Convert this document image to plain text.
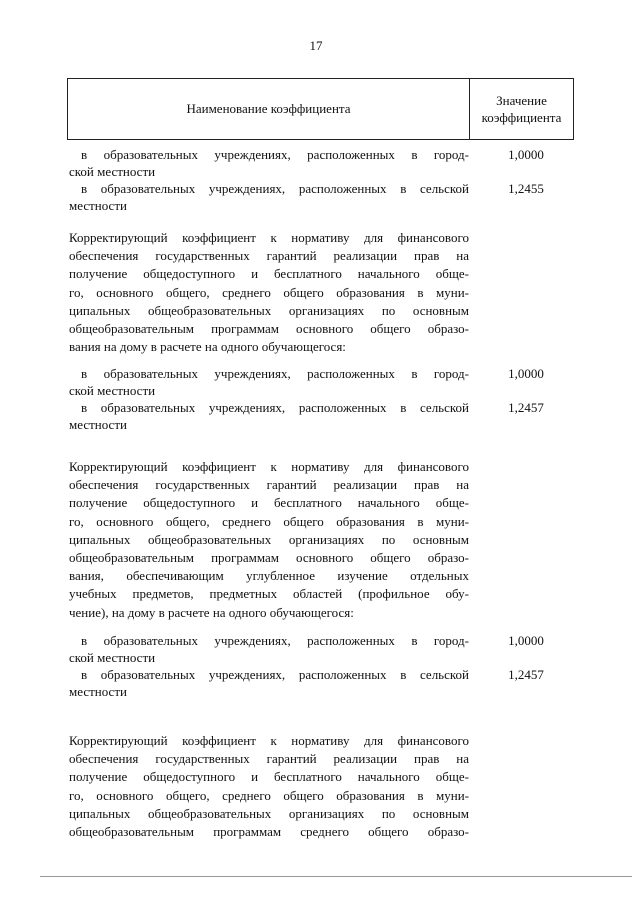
17
Наименование коэффициента
Значение
коэффициента
в образовательных учреждениях, расположенных в город-
ской местности
1,0000
в образовательных учреждениях, расположенных в сельской
местности
1,2455
Корректирующий коэффициент к нормативу для финансового
обеспечения государственных гарантий реализации прав на
получение общедоступного и бесплатного начального обще-
го, основного общего, среднего общего образования в муни-
ципальных общеобразовательных организациях по основным
общеобразовательным программам основного общего образо-
вания на дому в расчете на одного обучающегося:
в образовательных учреждениях, расположенных в город-
ской местности
1,0000
в образовательных учреждениях, расположенных в сельской
местности
1,2457
Корректирующий коэффициент к нормативу для финансового
обеспечения государственных гарантий реализации прав на
получение общедоступного и бесплатного начального обще-
го, основного общего, среднего общего образования в муни-
ципальных общеобразовательных организациях по основным
общеобразовательным программам основного общего образо-
вания, обеспечивающим углубленное изучение отдельных
учебных предметов, предметных областей (профильное обу-
чение), на дому в расчете на одного обучающегося:
в образовательных учреждениях, расположенных в город-
ской местности
1,0000
в образовательных учреждениях, расположенных в сельской
местности
1,2457
Корректирующий коэффициент к нормативу для финансового
обеспечения государственных гарантий реализации прав на
получение общедоступного и бесплатного начального обще-
го, основного общего, среднего общего образования в муни-
ципальных общеобразовательных организациях по основным
общеобразовательным программам среднего общего образо-
